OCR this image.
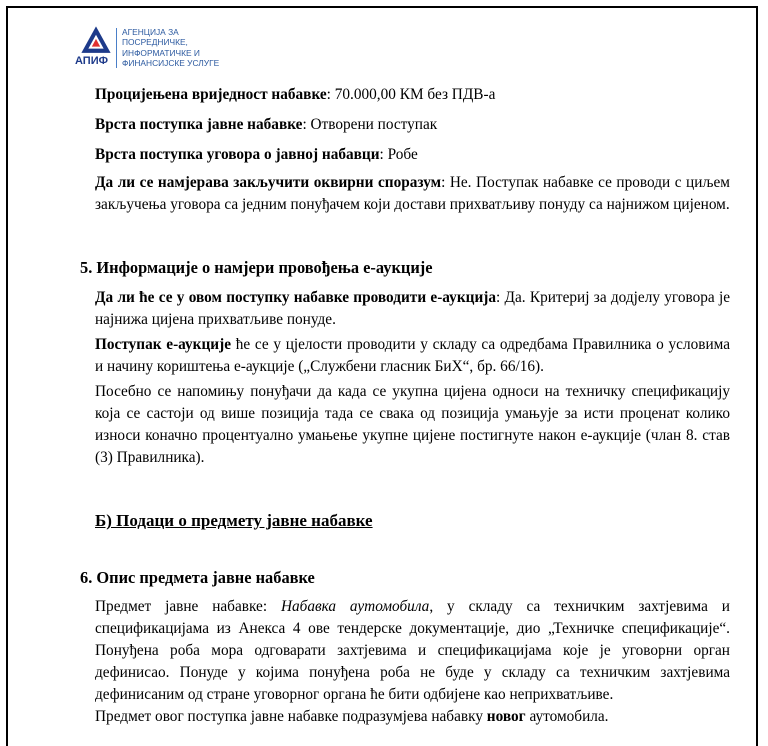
АПИФ
АГЕНЦИЈА ЗА
ПОСРЕДНИЧКЕ,
ИНФОРМАТИЧКЕ И
ФИНАНСИЈСКЕ УСЛУГЕ

Процијењена вриједност набавке: 70.000,00 КМ без ПДВ-а

Врста поступка јавне набавке: Отворени поступак

Врста поступка уговора о јавној набавци: Робе

Да ли се намјерава закључити оквирни споразум: Не. Поступак набавке се проводи с циљем закључења уговора са једним понуђачем који достави прихватљиву понуду са најнижом цијеном.

5. Информације о намјери провођења е-аукције

Да ли ће се у овом поступку набавке проводити е-аукција: Да. Критериј за додјелу уговора је најнижа цијена прихватљиве понуде.

Поступак е-аукције ће се у цјелости проводити у складу са одредбама Правилника о условима и начину кориштења е-аукције („Службени гласник БиХ“, бр. 66/16).

Посебно се напомињу понуђачи да када се укупна цијена односи на техничку спецификацију која се састоји од више позиција тада се свака од позиција умањује за исти проценат колико износи коначно процентуално умањење укупне цијене постигнуте након е-аукције (члан 8. став (3) Правилника).

Б) Подаци о предмету јавне набавке
6. Опис предмета јавне набавке

Предмет јавне набавке: Набавка аутомобила, у складу са техничким захтјевима и спецификацијама из Анекса 4 ове тендерске документације, дио „Техничке спецификације“. Понуђена роба мора одговарати захтјевима и спецификацијама које је уговорни орган дефинисао. Понуде у којима понуђена роба не буде у складу са техничким захтјевима дефинисаним од стране уговорног органа ће бити одбијене као неприхватљиве.

Предмет овог поступка јавне набавке подразумјева набавку новог аутомобила.
